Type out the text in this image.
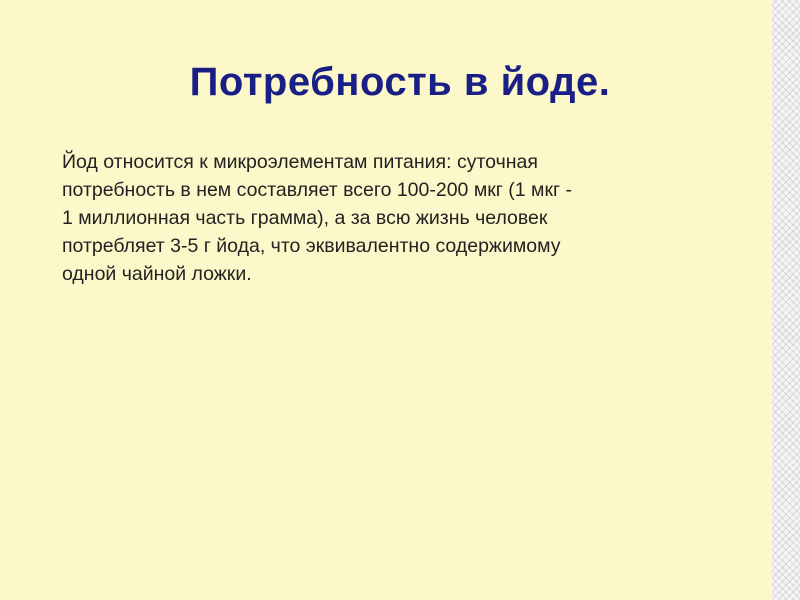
Потребность в йоде.

Йод относится к микроэлементам питания: суточная
потребность в нем составляет всего 100-200 мкг (1 мкг -
1 миллионная часть грамма), а за всю жизнь человек
потребляет 3-5 г йода, что эквивалентно содержимому
одной чайной ложки.
